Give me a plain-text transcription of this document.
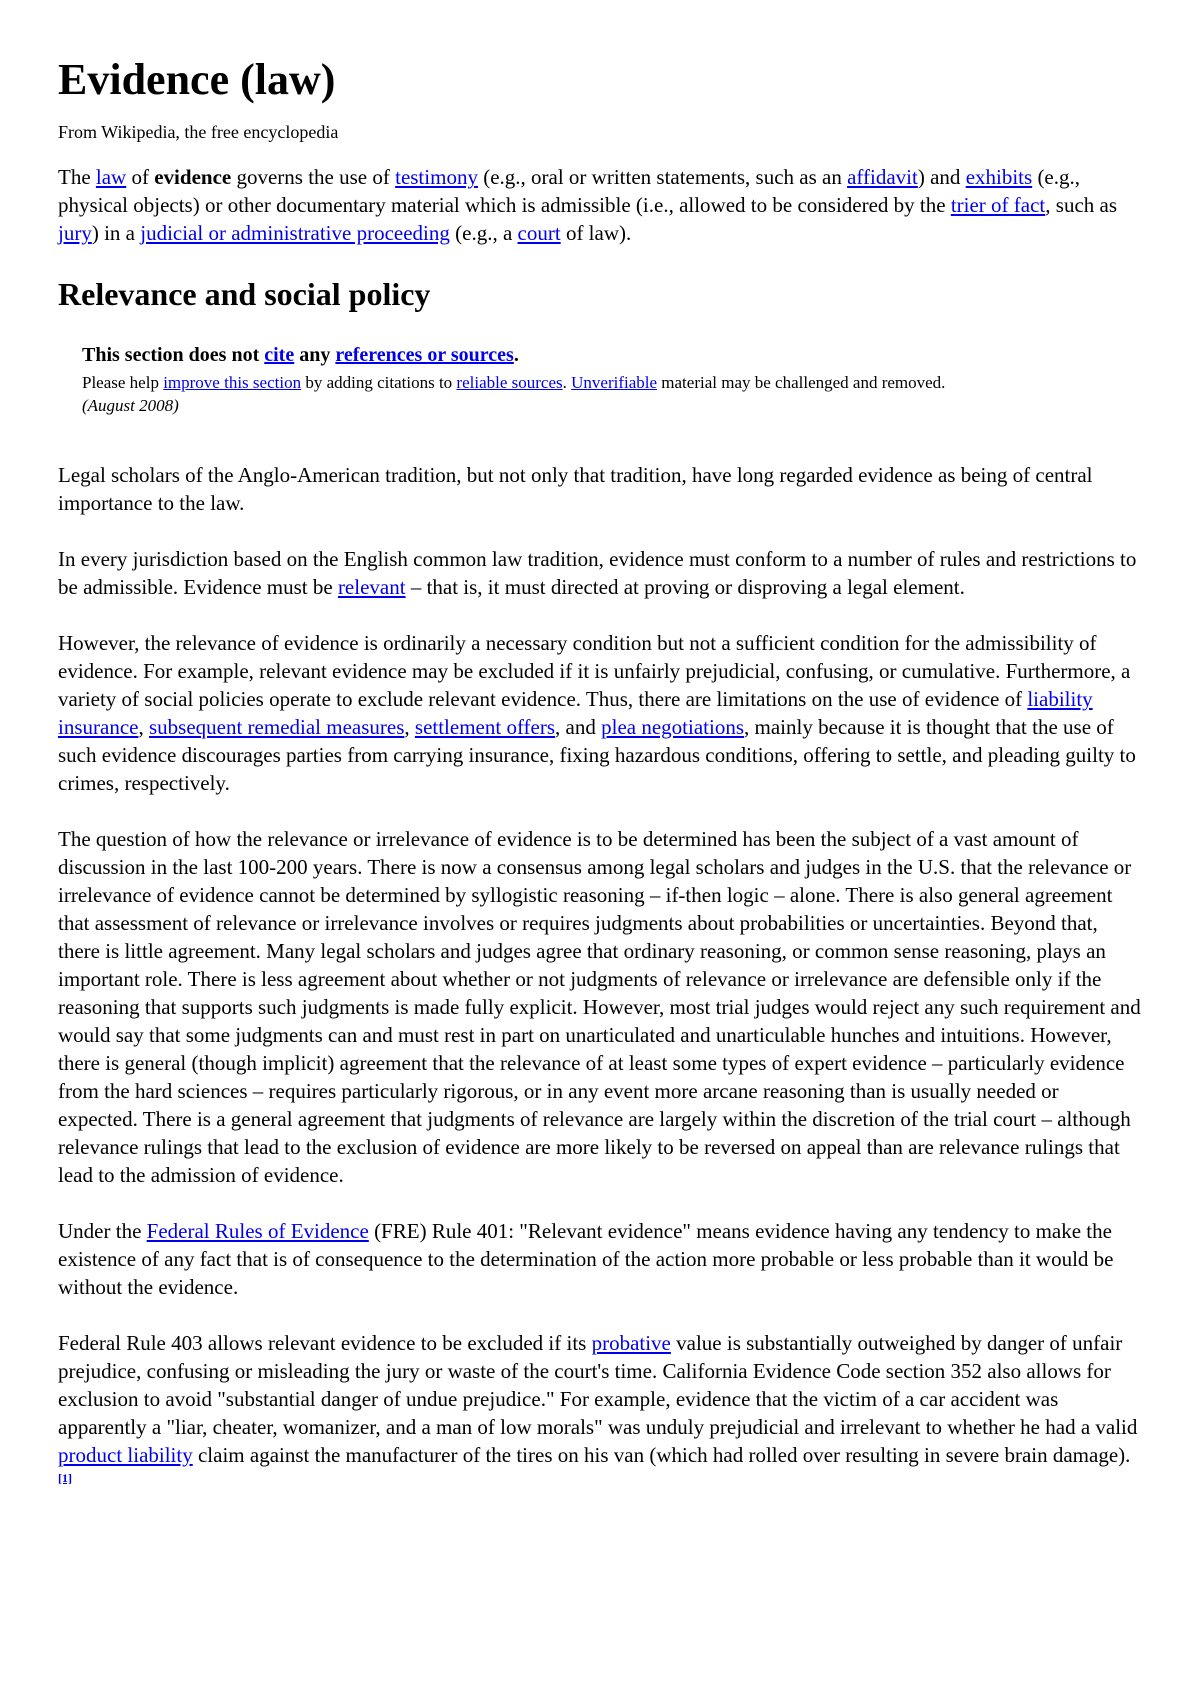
Evidence (law)
From Wikipedia, the free encyclopedia

The law of evidence governs the use of testimony (e.g., oral or written statements, such as an affidavit) and exhibits (e.g., physical objects) or other documentary material which is admissible (i.e., allowed to be considered by the trier of fact, such as jury) in a judicial or administrative proceeding (e.g., a court of law).

Relevance and social policy
This section does not cite any references or sources.
Please help improve this section by adding citations to reliable sources. Unverifiable material may be challenged and removed.
(August 2008)

Legal scholars of the Anglo-American tradition, but not only that tradition, have long regarded evidence as being of central importance to the law.

In every jurisdiction based on the English common law tradition, evidence must conform to a number of rules and restrictions to be admissible. Evidence must be relevant – that is, it must directed at proving or disproving a legal element.

However, the relevance of evidence is ordinarily a necessary condition but not a sufficient condition for the admissibility of evidence. For example, relevant evidence may be excluded if it is unfairly prejudicial, confusing, or cumulative. Furthermore, a variety of social policies operate to exclude relevant evidence. Thus, there are limitations on the use of evidence of liability insurance, subsequent remedial measures, settlement offers, and plea negotiations, mainly because it is thought that the use of such evidence discourages parties from carrying insurance, fixing hazardous conditions, offering to settle, and pleading guilty to crimes, respectively.

The question of how the relevance or irrelevance of evidence is to be determined has been the subject of a vast amount of discussion in the last 100-200 years. There is now a consensus among legal scholars and judges in the U.S. that the relevance or irrelevance of evidence cannot be determined by syllogistic reasoning – if-then logic – alone. There is also general agreement that assessment of relevance or irrelevance involves or requires judgments about probabilities or uncertainties. Beyond that, there is little agreement. Many legal scholars and judges agree that ordinary reasoning, or common sense reasoning, plays an important role. There is less agreement about whether or not judgments of relevance or irrelevance are defensible only if the reasoning that supports such judgments is made fully explicit. However, most trial judges would reject any such requirement and would say that some judgments can and must rest in part on unarticulated and unarticulable hunches and intuitions. However, there is general (though implicit) agreement that the relevance of at least some types of expert evidence – particularly evidence from the hard sciences – requires particularly rigorous, or in any event more arcane reasoning than is usually needed or expected. There is a general agreement that judgments of relevance are largely within the discretion of the trial court – although relevance rulings that lead to the exclusion of evidence are more likely to be reversed on appeal than are relevance rulings that lead to the admission of evidence.

Under the Federal Rules of Evidence (FRE) Rule 401: "Relevant evidence" means evidence having any tendency to make the existence of any fact that is of consequence to the determination of the action more probable or less probable than it would be without the evidence.

Federal Rule 403 allows relevant evidence to be excluded if its probative value is substantially outweighed by danger of unfair prejudice, confusing or misleading the jury or waste of the court's time. California Evidence Code section 352 also allows for exclusion to avoid "substantial danger of undue prejudice." For example, evidence that the victim of a car accident was apparently a "liar, cheater, womanizer, and a man of low morals" was unduly prejudicial and irrelevant to whether he had a valid product liability claim against the manufacturer of the tires on his van (which had rolled over resulting in severe brain damage).[1]
